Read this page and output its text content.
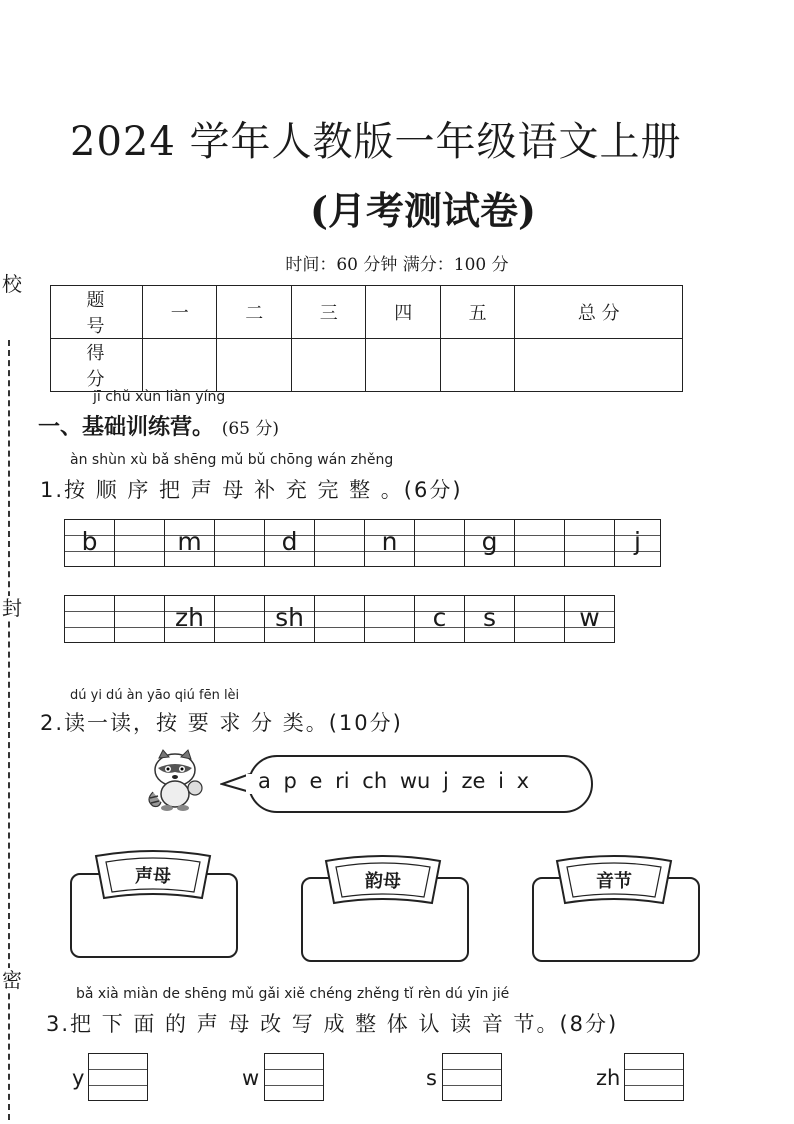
校
封
密
2024 学年人教版一年级语文上册
(月考测试卷)
时间：60 分钟 满分：100 分
题 号	一	二	三	四	五	总 分
得 分						
jī chǔ xùn liàn yíng
一、基础训练营。 (65 分)
àn shùn xù bǎ shēng mǔ bǔ chōng wán zhěng
1.按 顺 序 把 声 母 补 充 完 整 。(6分)
b	m	d	n	g	j
zh	sh	c	s	w
dú yi dú àn yāo qiú fēn lèi
2.读一读，按 要 求 分 类。(10分)
a p e ri ch wu j ze i x
声母	韵母	音节
bǎ xià miàn de shēng mǔ gǎi xiě chéng zhěng tǐ rèn dú yīn jié
3.把 下 面 的 声 母 改 写 成 整 体 认 读 音 节。(8分)
y	w	s	zh
